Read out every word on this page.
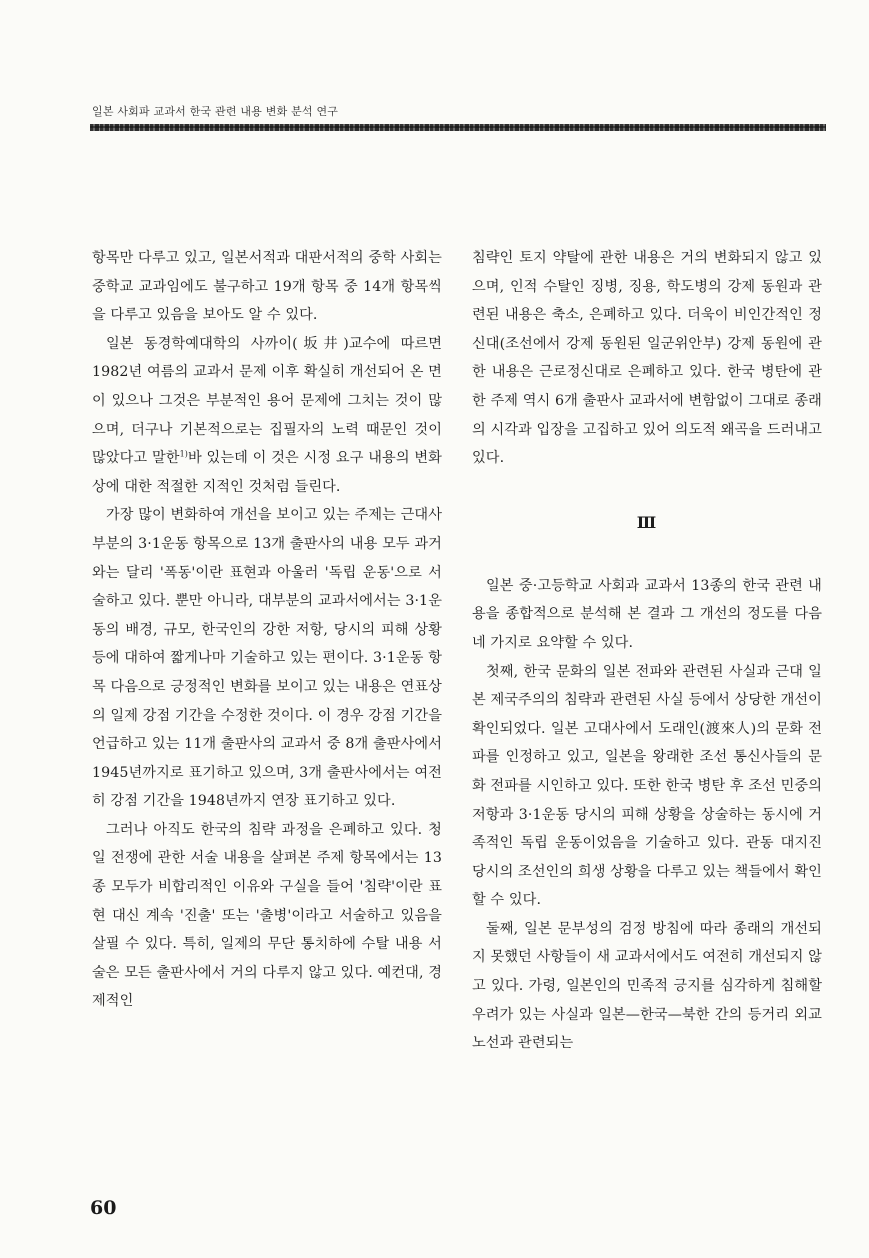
일본 사회파 교과서 한국 관련 내용 변화 분석 연구

항목만 다루고 있고, 일본서적과 대판서적의 중학 사회는 중학교 교과임에도 불구하고 19개 항목 중 14개 항목씩을 다루고 있음을 보아도 알 수 있다.

일본 동경학예대학의 사까이(坂井)교수에 따르면 1982년 여름의 교과서 문제 이후 확실히 개선되어 온 면이 있으나 그것은 부분적인 용어 문제에 그치는 것이 많으며, 더구나 기본적으로는 집필자의 노력 때문인 것이 많았다고 말한$^{1)}$바 있는데 이 것은 시정 요구 내용의 변화상에 대한 적절한 지적인 것처럼 들린다.

가장 많이 변화하여 개선을 보이고 있는 주제는 근대사 부분의 3·1운동 항목으로 13개 출판사의 내용 모두 과거와는 달리 '폭동'이란 표현과 아울러 '독립 운동'으로 서술하고 있다. 뿐만 아니라, 대부분의 교과서에서는 3·1운동의 배경, 규모, 한국인의 강한 저항, 당시의 피해 상황 등에 대하여 짧게나마 기술하고 있는 편이다. 3·1운동 항목 다음으로 긍정적인 변화를 보이고 있는 내용은 연표상의 일제 강점 기간을 수정한 것이다. 이 경우 강점 기간을 언급하고 있는 11개 출판사의 교과서 중 8개 출판사에서 1945년까지로 표기하고 있으며, 3개 출판사에서는 여전히 강점 기간을 1948년까지 연장 표기하고 있다.

그러나 아직도 한국의 침략 과정을 은폐하고 있다. 청일 전쟁에 관한 서술 내용을 살펴본 주제 항목에서는 13종 모두가 비합리적인 이유와 구실을 들어 '침략'이란 표현 대신 계속 '진출' 또는 '출병'이라고 서술하고 있음을 살필 수 있다. 특히, 일제의 무단 통치하에 수탈 내용 서술은 모든 출판사에서 거의 다루지 않고 있다. 예컨대, 경제적인

침략인 토지 약탈에 관한 내용은 거의 변화되지 않고 있으며, 인적 수탈인 징병, 징용, 학도병의 강제 동원과 관련된 내용은 축소, 은폐하고 있다. 더욱이 비인간적인 정신대(조선에서 강제 동원된 일군위안부) 강제 동원에 관한 내용은 근로정신대로 은폐하고 있다. 한국 병탄에 관한 주제 역시 6개 출판사 교과서에 변함없이 그대로 종래의 시각과 입장을 고집하고 있어 의도적 왜곡을 드러내고 있다.

Ⅲ

일본 중·고등학교 사회과 교과서 13종의 한국 관련 내용을 종합적으로 분석해 본 결과 그 개선의 정도를 다음 네 가지로 요약할 수 있다.

첫째, 한국 문화의 일본 전파와 관련된 사실과 근대 일본 제국주의의 침략과 관련된 사실 등에서 상당한 개선이 확인되었다. 일본 고대사에서 도래인(渡來人)의 문화 전파를 인정하고 있고, 일본을 왕래한 조선 통신사들의 문화 전파를 시인하고 있다. 또한 한국 병탄 후 조선 민중의 저항과 3·1운동 당시의 피해 상황을 상술하는 동시에 거족적인 독립 운동이었음을 기술하고 있다. 관동 대지진 당시의 조선인의 희생 상황을 다루고 있는 책들에서 확인할 수 있다.

둘째, 일본 문부성의 검정 방침에 따라 종래의 개선되지 못했던 사항들이 새 교과서에서도 여전히 개선되지 않고 있다. 가령, 일본인의 민족적 긍지를 심각하게 침해할 우려가 있는 사실과 일본—한국—북한 간의 등거리 외교 노선과 관련되는

60
